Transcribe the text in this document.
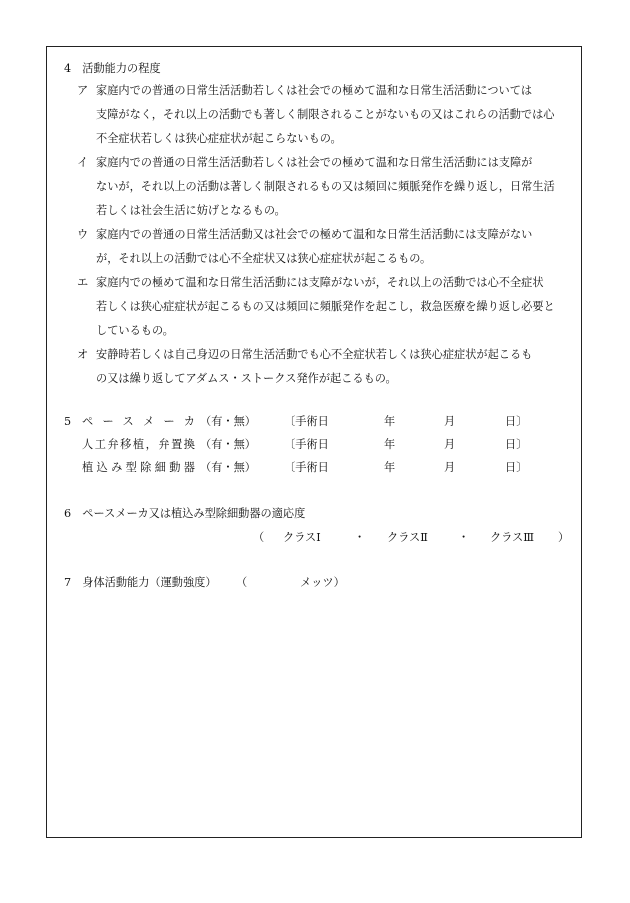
4　活動能力の程度
ア 家庭内での普通の日常生活活動若しくは社会での極めて温和な日常生活活動については
支障がなく，それ以上の活動でも著しく制限されることがないもの又はこれらの活動では心
不全症状若しくは狭心症症状が起こらないもの。
イ 家庭内での普通の日常生活活動若しくは社会での極めて温和な日常生活活動には支障が
ないが，それ以上の活動は著しく制限されるもの又は頻回に頻脈発作を繰り返し，日常生活
若しくは社会生活に妨げとなるもの。
ウ 家庭内での普通の日常生活活動又は社会での極めて温和な日常生活活動には支障がない
が，それ以上の活動では心不全症状又は狭心症症状が起こるもの。
エ 家庭内での極めて温和な日常生活活動には支障がないが，それ以上の活動では心不全症状
若しくは狭心症症状が起こるもの又は頻回に頻脈発作を起こし，救急医療を繰り返し必要と
しているもの。
オ 安静時若しくは自己身辺の日常生活活動でも心不全症状若しくは狭心症症状が起こるも
の又は繰り返してアダムス・ストークス発作が起こるもの。
5 ペースメーカ （有・無）	〔手術日	年	月	日〕
人工弁移植，弁置換 （有・無）	〔手術日	年	月	日〕
植込み型除細動器 （有・無）	〔手術日	年	月	日〕
6　ペースメーカ又は植込み型除細動器の適応度
（ クラスⅠ	・ クラスⅡ	・ クラスⅢ ）
7　身体活動能力（運動強度） （	メッツ）
